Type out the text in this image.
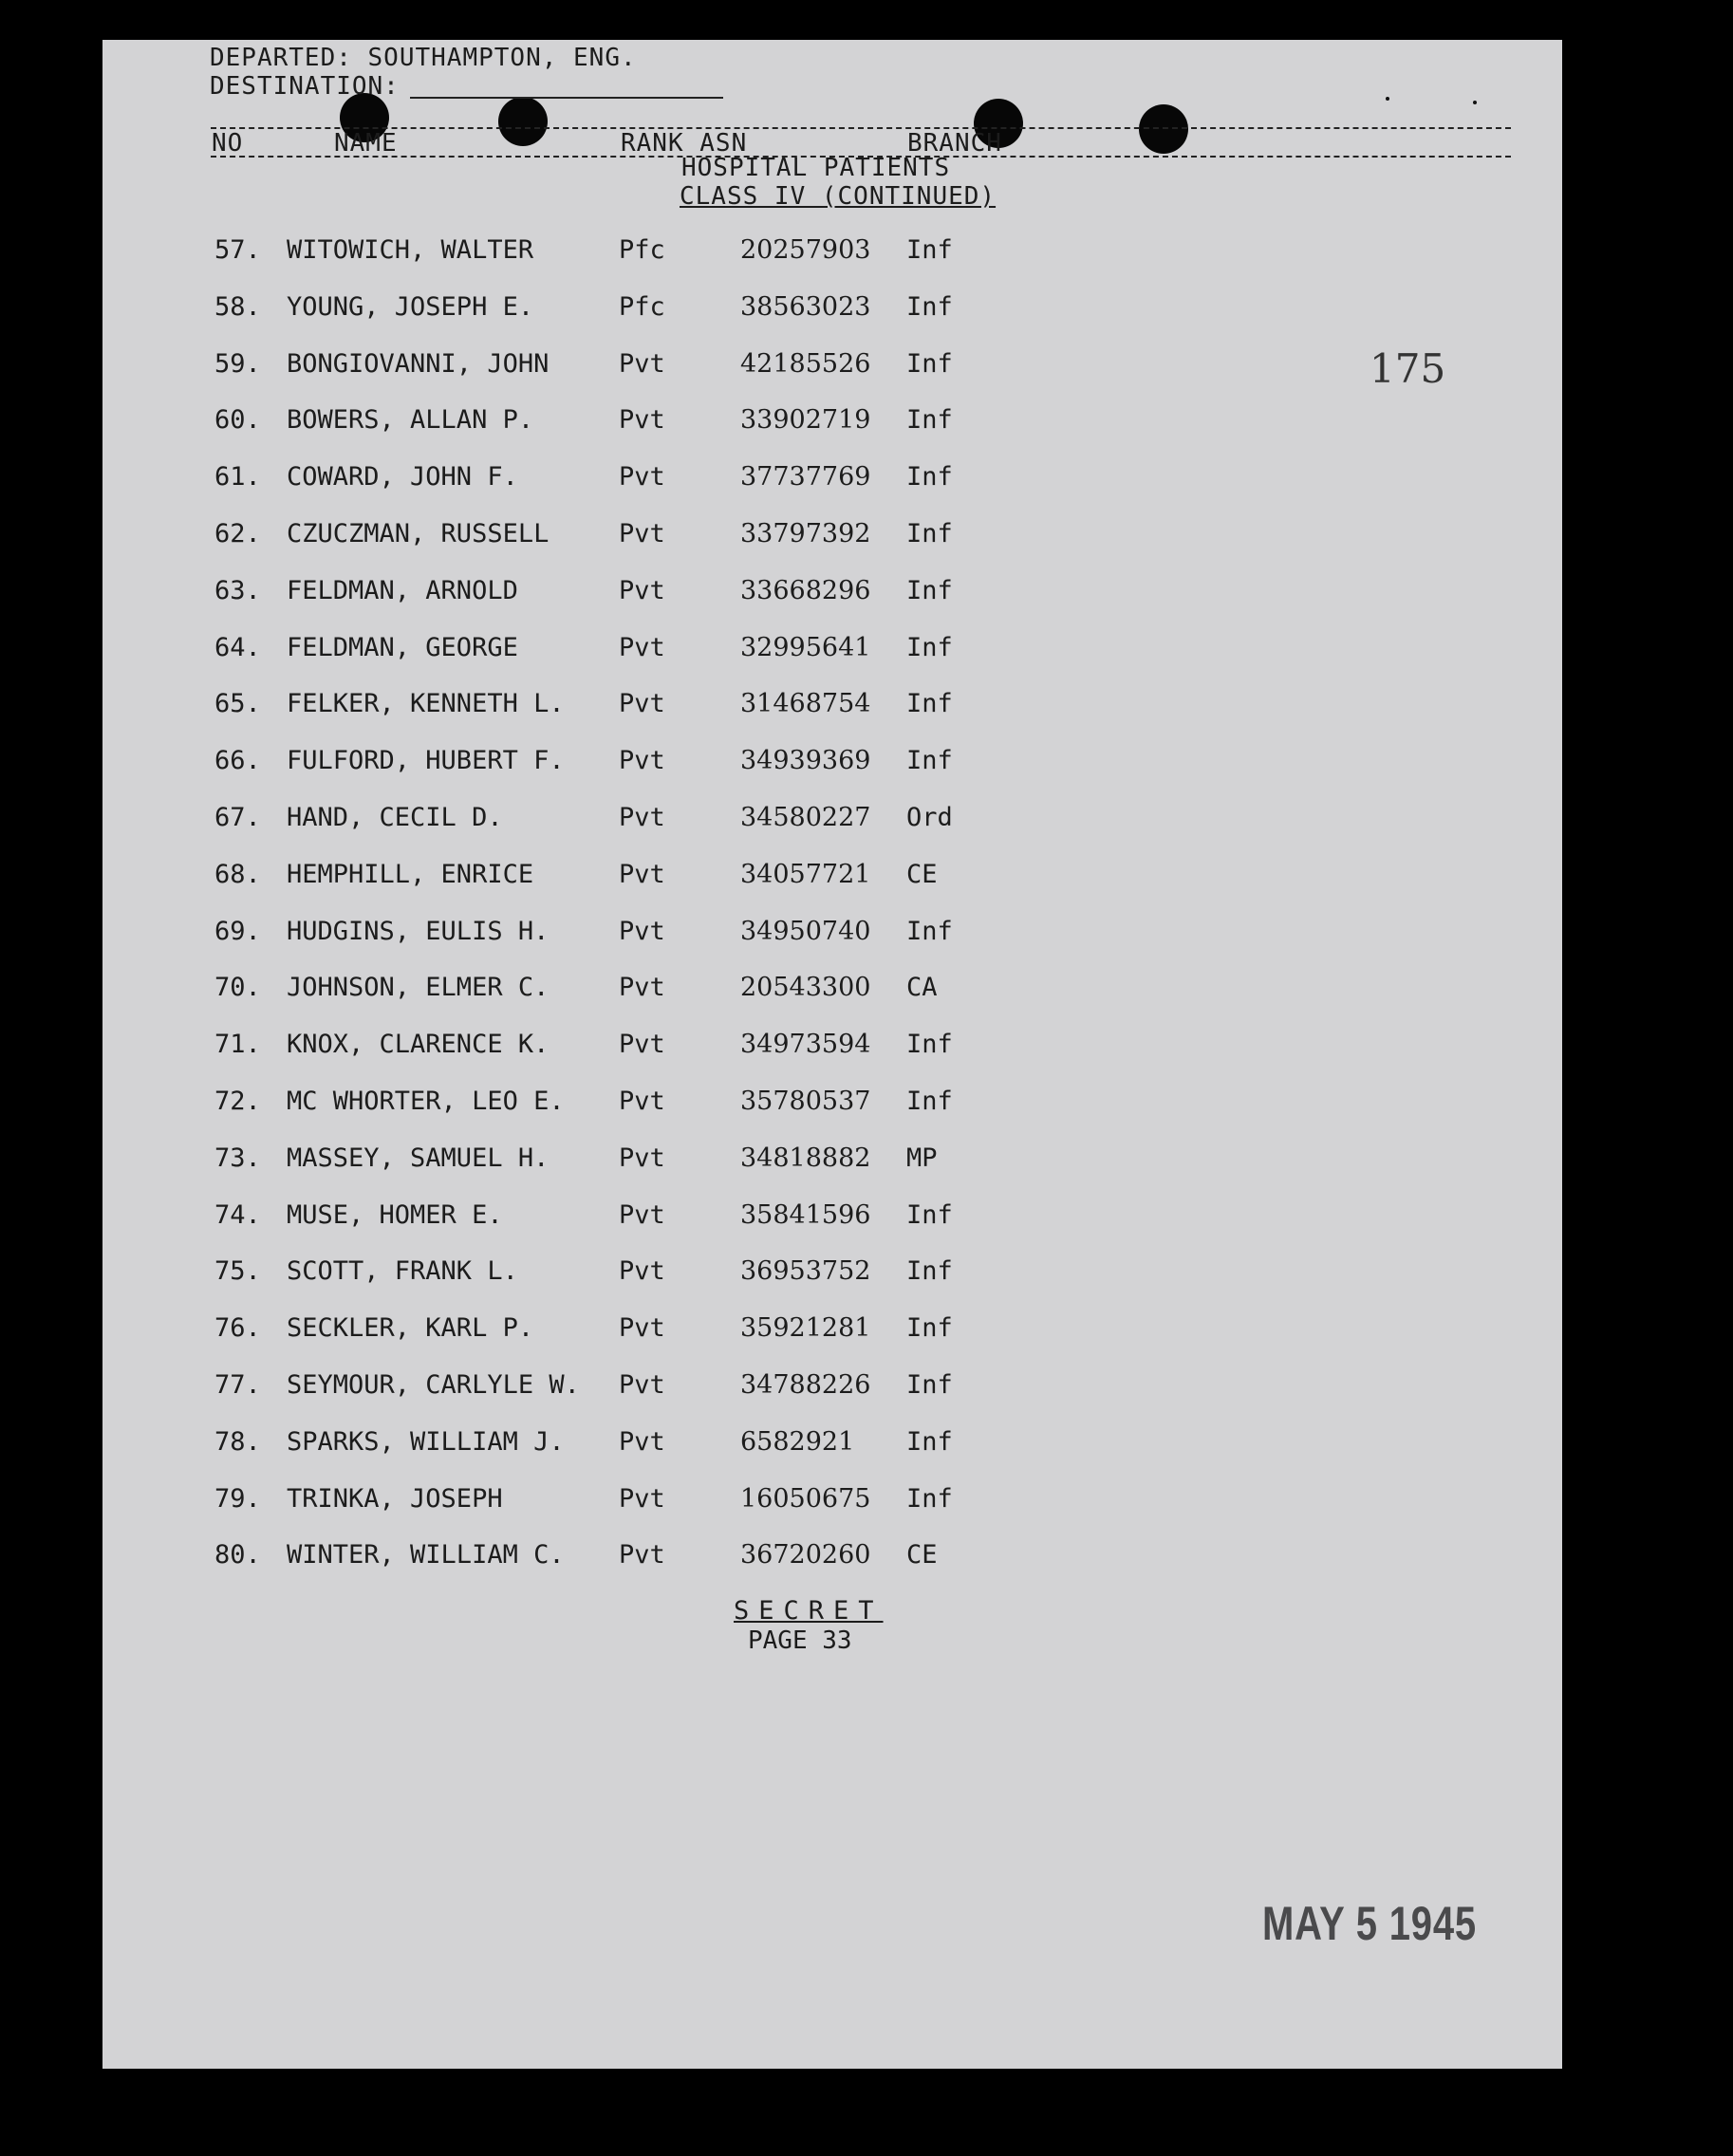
DEPARTED: SOUTHAMPTON, ENG.
DESTINATION:
NO	NAME	RANK ASN	BRANCH
HOSPITAL PATIENTS
CLASS IV (CONTINUED)
175
57. WITOWICH, WALTER	Pfc	20257903 Inf
58. YOUNG, JOSEPH E.	Pfc	38563023 Inf
59. BONGIOVANNI, JOHN	Pvt	42185526 Inf
60. BOWERS, ALLAN P.	Pvt	33902719 Inf
61. COWARD, JOHN F.	Pvt	37737769 Inf
62. CZUCZMAN, RUSSELL	Pvt	33797392 Inf
63. FELDMAN, ARNOLD	Pvt	33668296 Inf
64. FELDMAN, GEORGE	Pvt	32995641 Inf
65. FELKER, KENNETH L. Pvt	31468754 Inf
66. FULFORD, HUBERT F. Pvt	34939369 Inf
67. HAND, CECIL D.	Pvt	34580227 Ord
68. HEMPHILL, ENRICE	Pvt	34057721 CE
69. HUDGINS, EULIS H.	Pvt	34950740 Inf
70. JOHNSON, ELMER C.	Pvt	20543300 CA
71. KNOX, CLARENCE K.	Pvt	34973594 Inf
72. MC WHORTER, LEO E. Pvt	35780537 Inf
73. MASSEY, SAMUEL H.	Pvt	34818882 MP
74. MUSE, HOMER E.	Pvt	35841596 Inf
75. SCOTT, FRANK L.	Pvt	36953752 Inf
76. SECKLER, KARL P.	Pvt	35921281 Inf
77. SEYMOUR, CARLYLE W. Pvt	34788226 Inf
78. SPARKS, WILLIAM J. Pvt	6582921 Inf
79. TRINKA, JOSEPH	Pvt	16050675 Inf
80. WINTER, WILLIAM C. Pvt	36720260 CE
SECRET
PAGE 33
MAY 5 1945
